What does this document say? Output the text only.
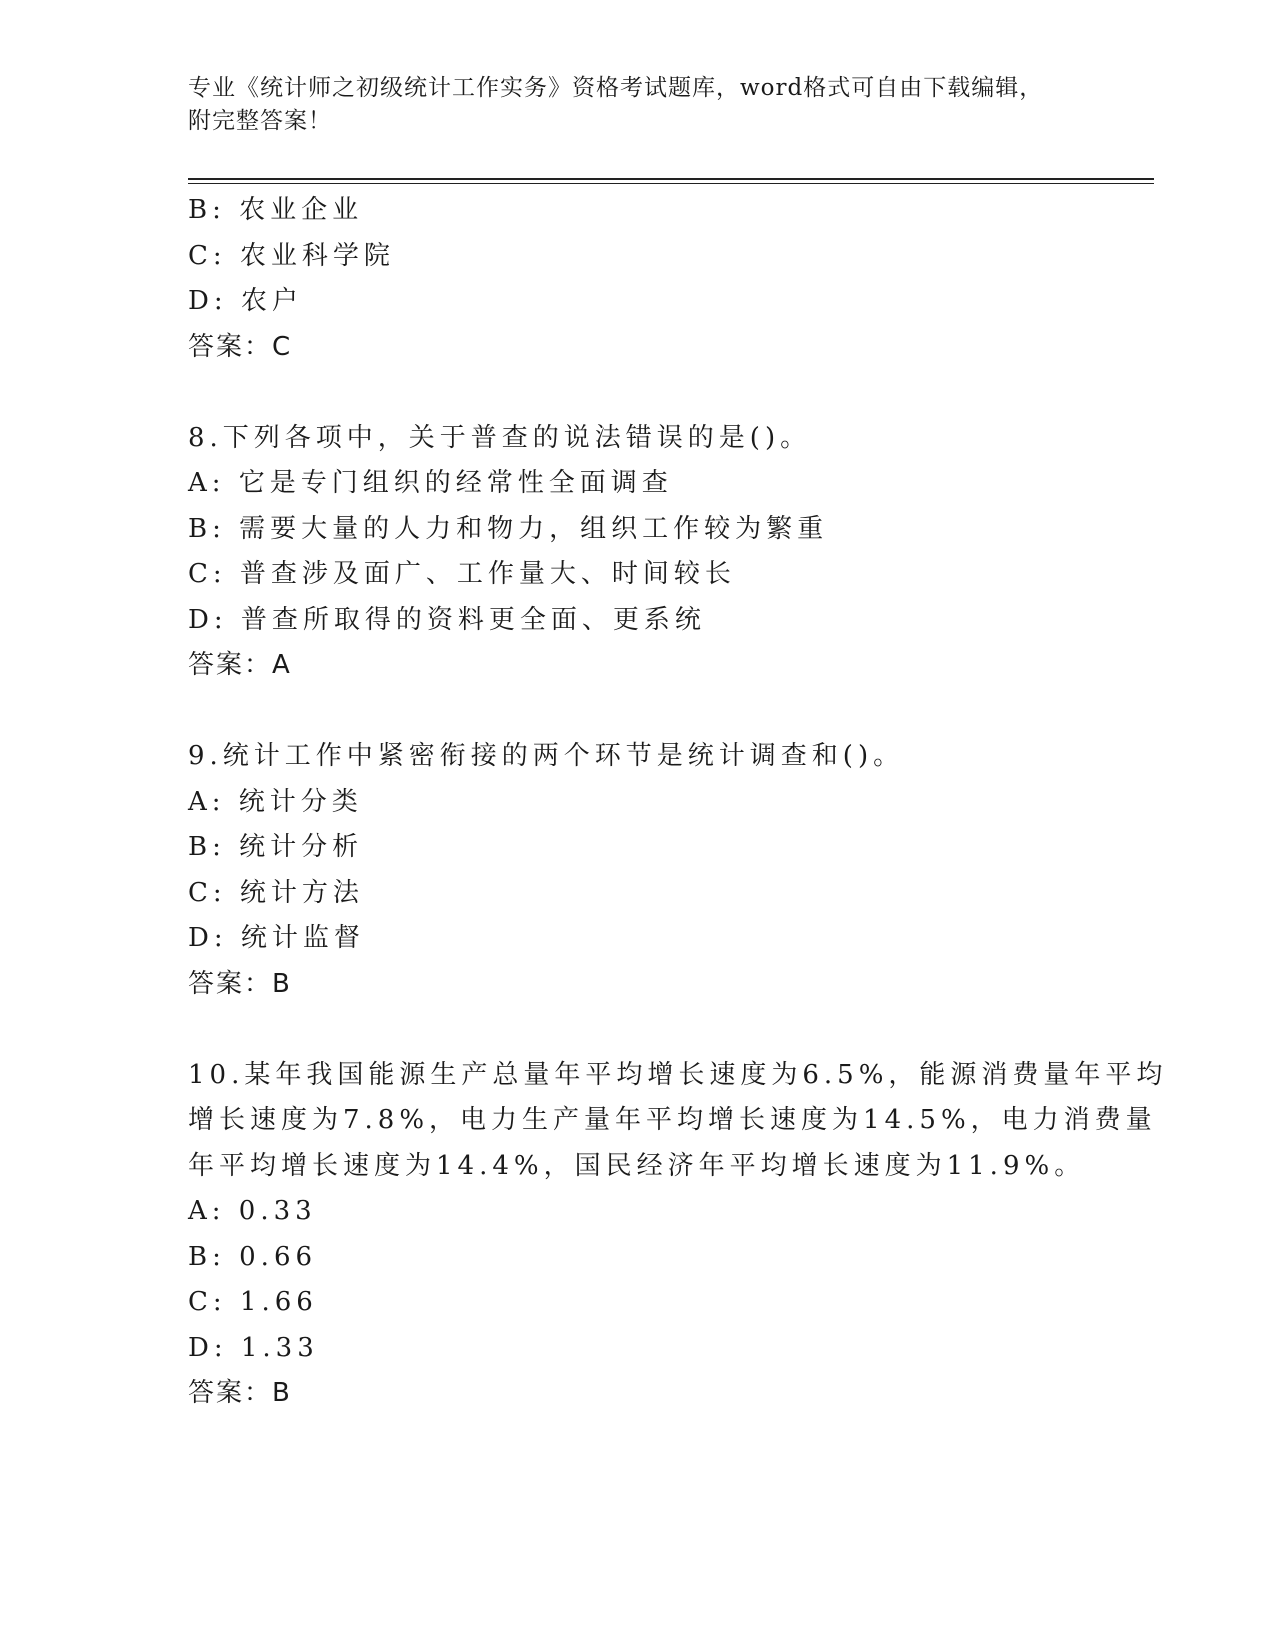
专业《统计师之初级统计工作实务》资格考试题库，word格式可自由下载编辑，
附完整答案！
B: 农业企业
C: 农业科学院
D: 农户
答案：C
8.下列各项中，关于普查的说法错误的是()。
A: 它是专门组织的经常性全面调查
B: 需要大量的人力和物力，组织工作较为繁重
C: 普查涉及面广、工作量大、时间较长
D: 普查所取得的资料更全面、更系统
答案：A
9.统计工作中紧密衔接的两个环节是统计调查和()。
A: 统计分类
B: 统计分析
C: 统计方法
D: 统计监督
答案：B
10.某年我国能源生产总量年平均增长速度为6.5%，能源消费量年平均
增长速度为7.8%，电力生产量年平均增长速度为14.5%，电力消费量
年平均增长速度为14.4%，国民经济年平均增长速度为11.9%。
A: 0.33
B: 0.66
C: 1.66
D: 1.33
答案：B
